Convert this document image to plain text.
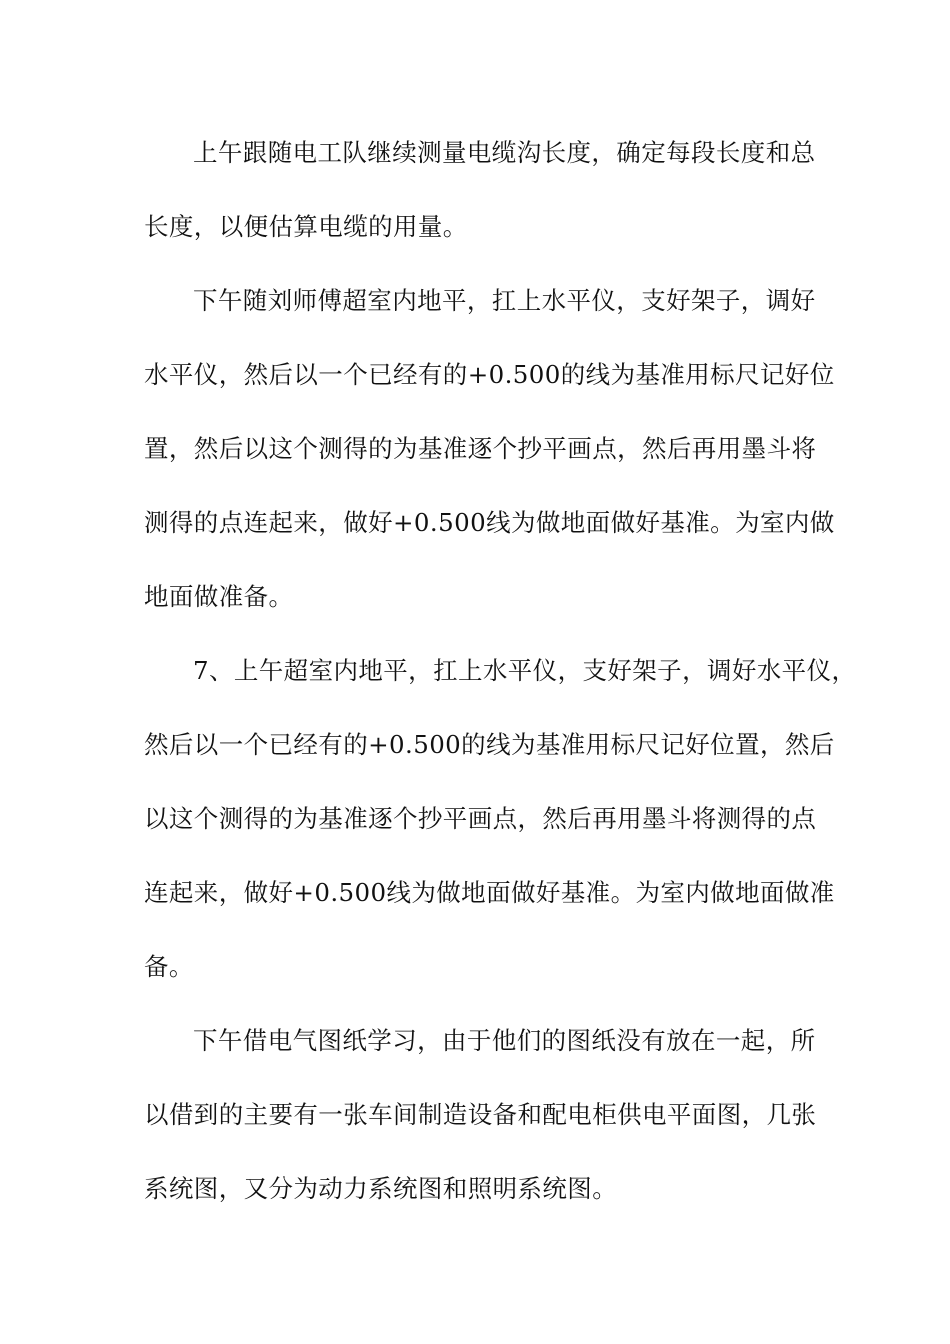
上午跟随电工队继续测量电缆沟长度，确定每段长度和总
长度，以便估算电缆的用量。
下午随刘师傅超室内地平，扛上水平仪，支好架子，调好
水平仪，然后以一个已经有的+0.500的线为基准用标尺记好位
置，然后以这个测得的为基准逐个抄平画点，然后再用墨斗将
测得的点连起来，做好+0.500线为做地面做好基准。为室内做
地面做准备。
7、上午超室内地平，扛上水平仪，支好架子，调好水平仪，
然后以一个已经有的+0.500的线为基准用标尺记好位置，然后
以这个测得的为基准逐个抄平画点，然后再用墨斗将测得的点
连起来，做好+0.500线为做地面做好基准。为室内做地面做准
备。
下午借电气图纸学习，由于他们的图纸没有放在一起，所
以借到的主要有一张车间制造设备和配电柜供电平面图，几张
系统图，又分为动力系统图和照明系统图。
